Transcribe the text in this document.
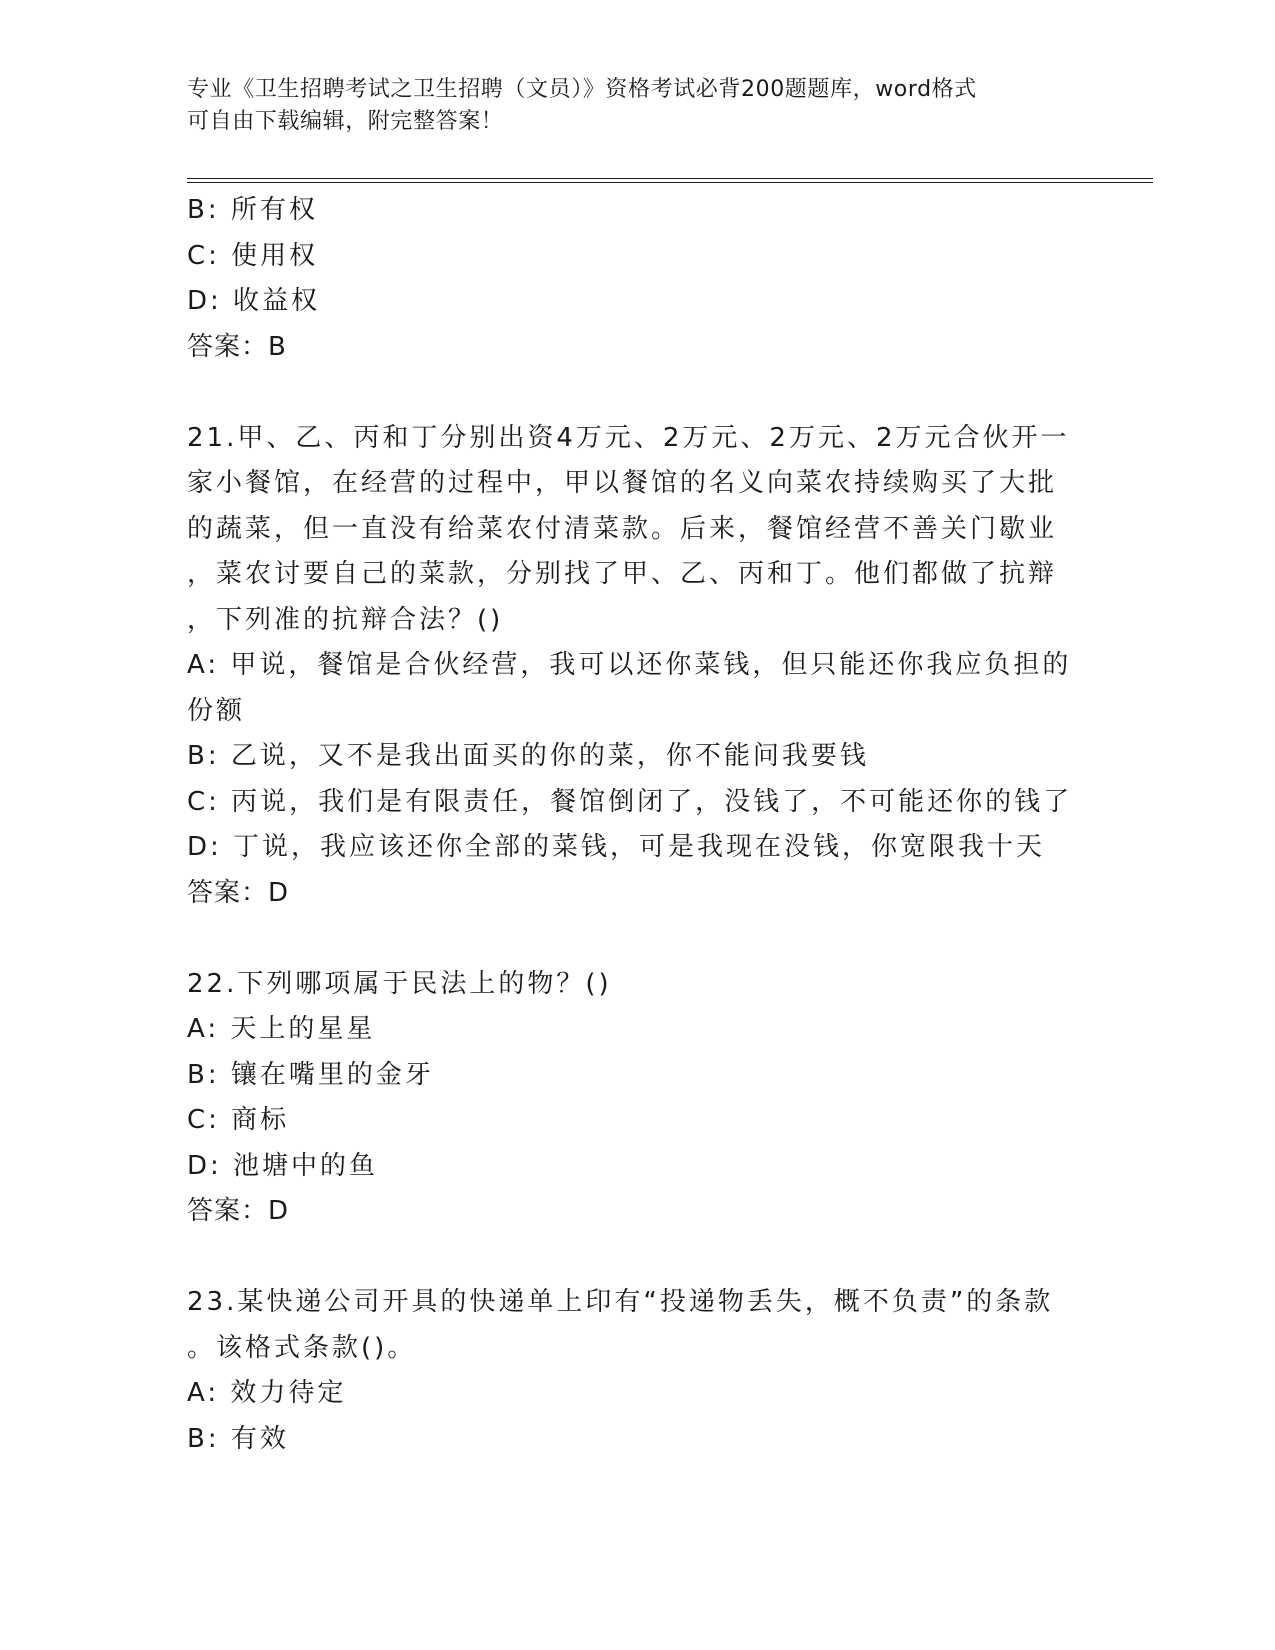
专业《卫生招聘考试之卫生招聘（文员）》资格考试必背200题题库，word格式
可自由下载编辑，附完整答案！
B: 所有权
C: 使用权
D: 收益权
答案：B
21.甲、乙、丙和丁分别出资4万元、2万元、2万元、2万元合伙开一
家小餐馆，在经营的过程中，甲以餐馆的名义向菜农持续购买了大批
的蔬菜，但一直没有给菜农付清菜款。后来，餐馆经营不善关门歇业
，菜农讨要自己的菜款，分别找了甲、乙、丙和丁。他们都做了抗辩
，下列准的抗辩合法？()
A: 甲说，餐馆是合伙经营，我可以还你菜钱，但只能还你我应负担的
份额
B: 乙说，又不是我出面买的你的菜，你不能问我要钱
C: 丙说，我们是有限责任，餐馆倒闭了，没钱了，不可能还你的钱了
D: 丁说，我应该还你全部的菜钱，可是我现在没钱，你宽限我十天
答案：D
22.下列哪项属于民法上的物？()
A: 天上的星星
B: 镶在嘴里的金牙
C: 商标
D: 池塘中的鱼
答案：D
23.某快递公司开具的快递单上印有“投递物丢失，概不负责”的条款
。该格式条款()。
A: 效力待定
B: 有效
